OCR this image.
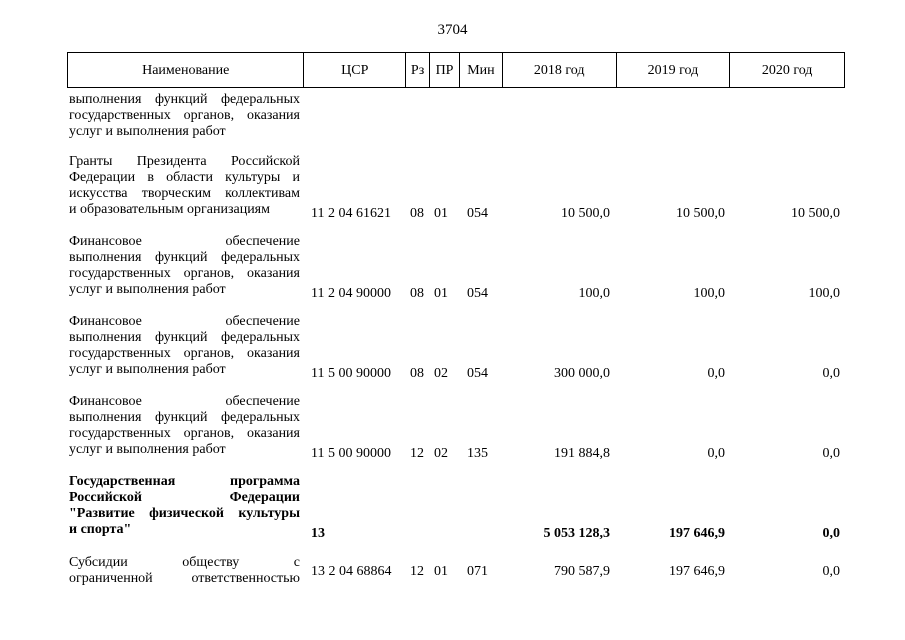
3704
Наименование	ЦСР	Рз ПР Мин	2018 год	2019 год	2020 год
выполнения функций федеральных
государственных органов, оказания
услуг и выполнения работ
Гранты Президента Российской
Федерации в области культуры и
искусства творческим коллективам
и образовательным организациям	11 2 04 61621 08 01 054	10 500,0	10 500,0	10 500,0
Финансовое обеспечение
выполнения функций федеральных
государственных органов, оказания
услуг и выполнения работ	11 2 04 90000 08 01 054	100,0	100,0	100,0
Финансовое обеспечение
выполнения функций федеральных
государственных органов, оказания
услуг и выполнения работ	11 5 00 90000 08 02 054	300 000,0	0,0	0,0
Финансовое обеспечение
выполнения функций федеральных
государственных органов, оказания
услуг и выполнения работ	11 5 00 90000 12 02 135	191 884,8	0,0	0,0
Государственная программа
Российской Федерации
"Развитие физической культуры
и спорта"	13	5 053 128,3	197 646,9	0,0
Субсидии обществу с
ограниченной ответственностью 13 2 04 68864 12 01 071	790 587,9	197 646,9	0,0
